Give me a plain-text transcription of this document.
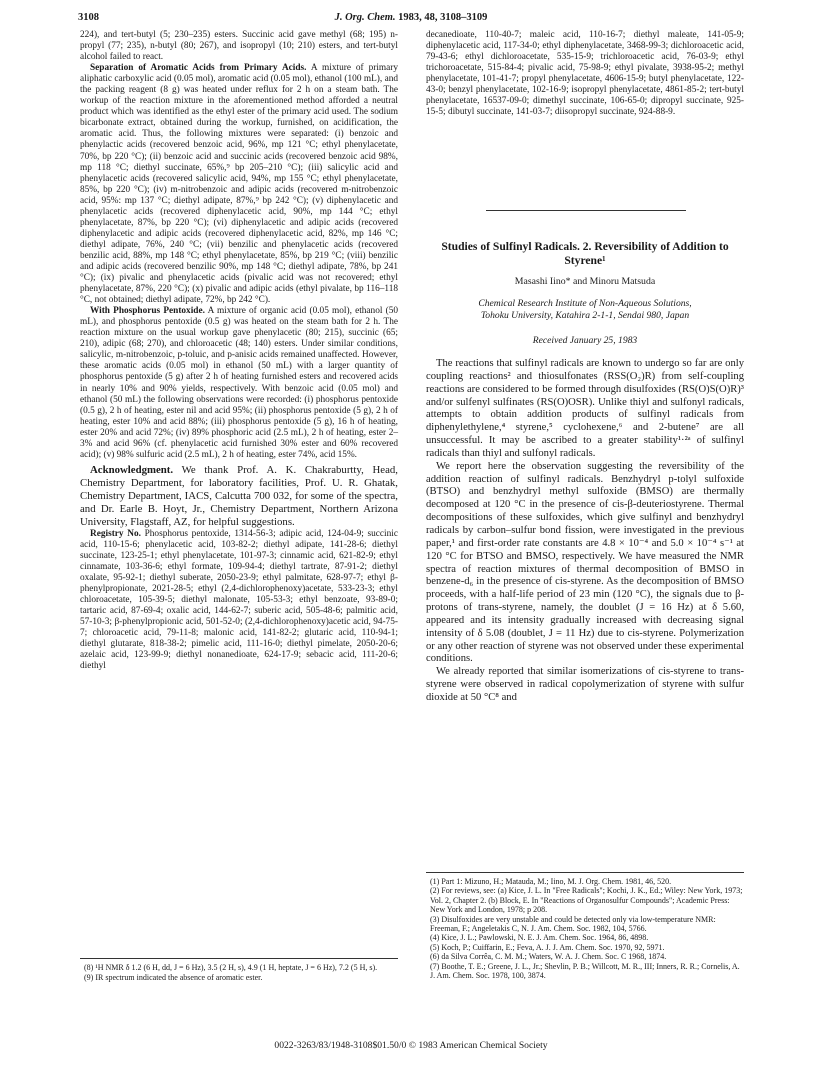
3108	J. Org. Chem. 1983, 48, 3108–3109

224), and tert-butyl (5; 230–235) esters. Succinic acid gave methyl (68; 195) n-propyl (77; 235), n-butyl (80; 267), and isopropyl (10; 210) esters, and tert-butyl alcohol failed to react.

Separation of Aromatic Acids from Primary Acids. A mixture of primary aliphatic carboxylic acid (0.05 mol), aromatic acid (0.05 mol), ethanol (100 mL), and the packing reagent (8 g) was heated under reflux for 2 h on a steam bath. The workup of the reaction mixture in the aforementioned method afforded a neutral product which was identified as the ethyl ester of the primary acid used. The sodium bicarbonate extract, obtained during the workup, furnished, on acidification, the aromatic acid. Thus, the following mixtures were separated: (i) benzoic and phenylactic acids (recovered benzoic acid, 96%, mp 121 °C; ethyl phenylacetate, 70%, bp 220 °C); (ii) benzoic acid and succinic acids (recovered benzoic acid 98%, mp 118 °C; diethyl succinate, 65%,⁹ bp 205–210 °C); (iii) salicylic acid and phenylacetic acids (recovered salicylic acid, 94%, mp 155 °C; ethyl phenylacetate, 85%, bp 220 °C); (iv) m-nitrobenzoic and adipic acids (recovered m-nitrobenzoic acid, 95%: mp 137 °C; diethyl adipate, 87%,⁹ bp 242 °C); (v) diphenylacetic and phenylacetic acids (recovered diphenylacetic acid, 90%, mp 144 °C; ethyl phenylacetate, 87%, bp 220 °C); (vi) diphenylacetic and adipic acids (recovered diphenylacetic and adipic acids (recovered diphenylacetic acid, 82%, mp 146 °C; diethyl adipate, 76%, 240 °C; (vii) benzilic and phenylacetic acids (recovered benzilic acid, 88%, mp 148 °C; ethyl phenylacetate, 85%, bp 219 °C; (viii) benzilic and adipic acids (recovered benzilic 90%, mp 148 °C; diethyl adipate, 78%, bp 241 °C); (ix) pivalic and phenylacetic acids (pivalic acid was not recovered; ethyl phenylacetate, 87%, 220 °C); (x) pivalic and adipic acids (ethyl pivalate, bp 116–118 °C, not obtained; diethyl adipate, 72%, bp 242 °C).

With Phosphorus Pentoxide. A mixture of organic acid (0.05 mol), ethanol (50 mL), and phosphorus pentoxide (0.5 g) was heated on the steam bath for 2 h. The reaction mixture on the usual workup gave phenylacetic (80; 215), succinic (65; 210), adipic (68; 270), and chloroacetic (48; 140) esters. Under similar conditions, salicylic, m-nitrobenzoic, p-toluic, and p-anisic acids remained unaffected. However, these aromatic acids (0.05 mol) in ethanol (50 mL) with a larger quantity of phosphorus pentoxide (5 g) after 2 h of heating furnished esters and recovered acids in nearly 10% and 90% yields, respectively. With benzoic acid (0.05 mol) and ethanol (50 mL) the following observations were recorded: (i) phosphorus pentoxide (0.5 g), 2 h of heating, ester nil and acid 95%; (ii) phosphorus pentoxide (5 g), 2 h of heating, ester 10% and acid 88%; (iii) phosphorus pentoxide (5 g), 16 h of heating, ester 20% and acid 72%; (iv) 89% phosphoric acid (2.5 mL), 2 h of heating, ester 2–3% and acid 96% (cf. phenylacetic acid furnished 30% ester and 60% recovered acid); (v) 98% sulfuric acid (2.5 mL), 2 h of heating, ester 74%, acid 15%.

Acknowledgment. We thank Prof. A. K. Chakraburtty, Head, Chemistry Department, for laboratory facilities, Prof. U. R. Ghatak, Chemistry Department, IACS, Calcutta 700 032, for some of the spectra, and Dr. Earle B. Hoyt, Jr., Chemistry Department, Northern Arizona University, Flagstaff, AZ, for helpful suggestions.

Registry No. Phosphorus pentoxide, 1314-56-3; adipic acid, 124-04-9; succinic acid, 110-15-6; phenylacetic acid, 103-82-2; diethyl adipate, 141-28-6; diethyl succinate, 123-25-1; ethyl phenylacetate, 101-97-3; cinnamic acid, 621-82-9; ethyl cinnamate, 103-36-6; ethyl formate, 109-94-4; diethyl tartrate, 87-91-2; diethyl oxalate, 95-92-1; diethyl suberate, 2050-23-9; ethyl palmitate, 628-97-7; ethyl β-phenylpropionate, 2021-28-5; ethyl (2,4-dichlorophenoxy)acetate, 533-23-3; ethyl chloroacetate, 105-39-5; diethyl malonate, 105-53-3; ethyl benzoate, 93-89-0; tartaric acid, 87-69-4; oxalic acid, 144-62-7; suberic acid, 505-48-6; palmitic acid, 57-10-3; β-phenylpropionic acid, 501-52-0; (2,4-dichlorophenoxy)acetic acid, 94-75-7; chloroacetic acid, 79-11-8; malonic acid, 141-82-2; glutaric acid, 110-94-1; diethyl glutarate, 818-38-2; pimelic acid, 111-16-0; diethyl pimelate, 2050-20-6; azelaic acid, 123-99-9; diethyl nonanedioate, 624-17-9; sebacic acid, 111-20-6; diethyl

(8) ¹H NMR δ 1.2 (6 H, dd, J = 6 Hz), 3.5 (2 H, s), 4.9 (1 H, heptate, J = 6 Hz), 7.2 (5 H, s).

(9) IR spectrum indicated the absence of aromatic ester.

decanedioate, 110-40-7; maleic acid, 110-16-7; diethyl maleate, 141-05-9; diphenylacetic acid, 117-34-0; ethyl diphenylacetate, 3468-99-3; dichloroacetic acid, 79-43-6; ethyl dichloroacetate, 535-15-9; trichloroacetic acid, 76-03-9; ethyl trichoroacetate, 515-84-4; pivalic acid, 75-98-9; ethyl pivalate, 3938-95-2; methyl phenylacetate, 101-41-7; propyl phenylacetate, 4606-15-9; butyl phenylacetate, 122-43-0; benzyl phenylacetate, 102-16-9; isopropyl phenylacetate, 4861-85-2; tert-butyl phenylacetate, 16537-09-0; dimethyl succinate, 106-65-0; dipropyl succinate, 925-15-5; dibutyl succinate, 141-03-7; diisopropyl succinate, 924-88-9.

Studies of Sulfinyl Radicals. 2. Reversibility of Addition to Styrene¹
Masashi Iino* and Minoru Matsuda
Chemical Research Institute of Non-Aqueous Solutions,
Tohoku University, Katahira 2-1-1, Sendai 980, Japan
Received January 25, 1983

The reactions that sulfinyl radicals are known to undergo so far are only coupling reactions² and thiosulfonates (RSS(O₂)R) from self-coupling reactions are considered to be formed through disulfoxides (RS(O)S(O)R)³ and/or sulfenyl sulfinates (RS(O)OSR). Unlike thiyl and sulfonyl radicals, attempts to obtain addition products of sulfinyl radicals from diphenylethylene,⁴ styrene,⁵ cyclohexene,⁶ and 2-butene⁷ are all unsuccessful. It may be ascribed to a greater stability¹·²ᵃ of sulfinyl radicals than thiyl and sulfonyl radicals.

We report here the observation suggesting the reversibility of the addition reaction of sulfinyl radicals. Benzhydryl p-tolyl sulfoxide (BTSO) and benzhydryl methyl sulfoxide (BMSO) are thermally decomposed at 120 °C in the presence of cis-β-deuteriostyrene. Thermal decompositions of these sulfoxides, which give sulfinyl and benzhydryl radicals by carbon–sulfur bond fission, were investigated in the previous paper,¹ and first-order rate constants are 4.8 × 10⁻⁴ and 5.0 × 10⁻⁴ s⁻¹ at 120 °C for BTSO and BMSO, respectively. We have measured the NMR spectra of reaction mixtures of thermal decomposition of BMSO in benzene-d₆ in the presence of cis-styrene. As the decomposition of BMSO proceeds, with a half-life period of 23 min (120 °C), the signals due to β-protons of trans-styrene, namely, the doublet (J = 16 Hz) at δ 5.60, appeared and its intensity gradually increased with decreasing signal intensity of δ 5.08 (doublet, J = 11 Hz) due to cis-styrene. Polymerization or any other reaction of styrene was not observed under these experimental conditions.

We already reported that similar isomerizations of cis-styrene to trans-styrene were observed in radical copolymerization of styrene with sulfur dioxide at 50 °C⁸ and

(1) Part 1: Mizuno, H.; Matauda, M.; Iino, M. J. Org. Chem. 1981, 46, 520.

(2) For reviews, see: (a) Kice, J. L. In "Free Radicals"; Kochi, J. K., Ed.; Wiley: New York, 1973; Vol. 2, Chapter 2. (b) Block, E. In "Reactions of Organosulfur Compounds"; Academic Press: New York and London, 1978; p 208.

(3) Disulfoxides are very unstable and could be detected only via low-temperature NMR: Freeman, F.; Angeletakis C, N. J. Am. Chem. Soc. 1982, 104, 5766.

(4) Kice, J. L.; Pawlowski, N. E. J. Am. Chem. Soc. 1964, 86, 4898.

(5) Koch, P.; Cuiffarin, E.; Feva, A. J. J. Am. Chem. Soc. 1970, 92, 5971.

(6) da Silva Corrêa, C. M. M.; Waters, W. A. J. Chem. Soc. C 1968, 1874.

(7) Boothe, T. E.; Greene, J. L., Jr.; Shevlin, P. B.; Willcott, M. R., III; Inners, R. R.; Cornelis, A. J. Am. Chem. Soc. 1978, 100, 3874.

0022-3263/83/1948-3108$01.50/0 © 1983 American Chemical Society
